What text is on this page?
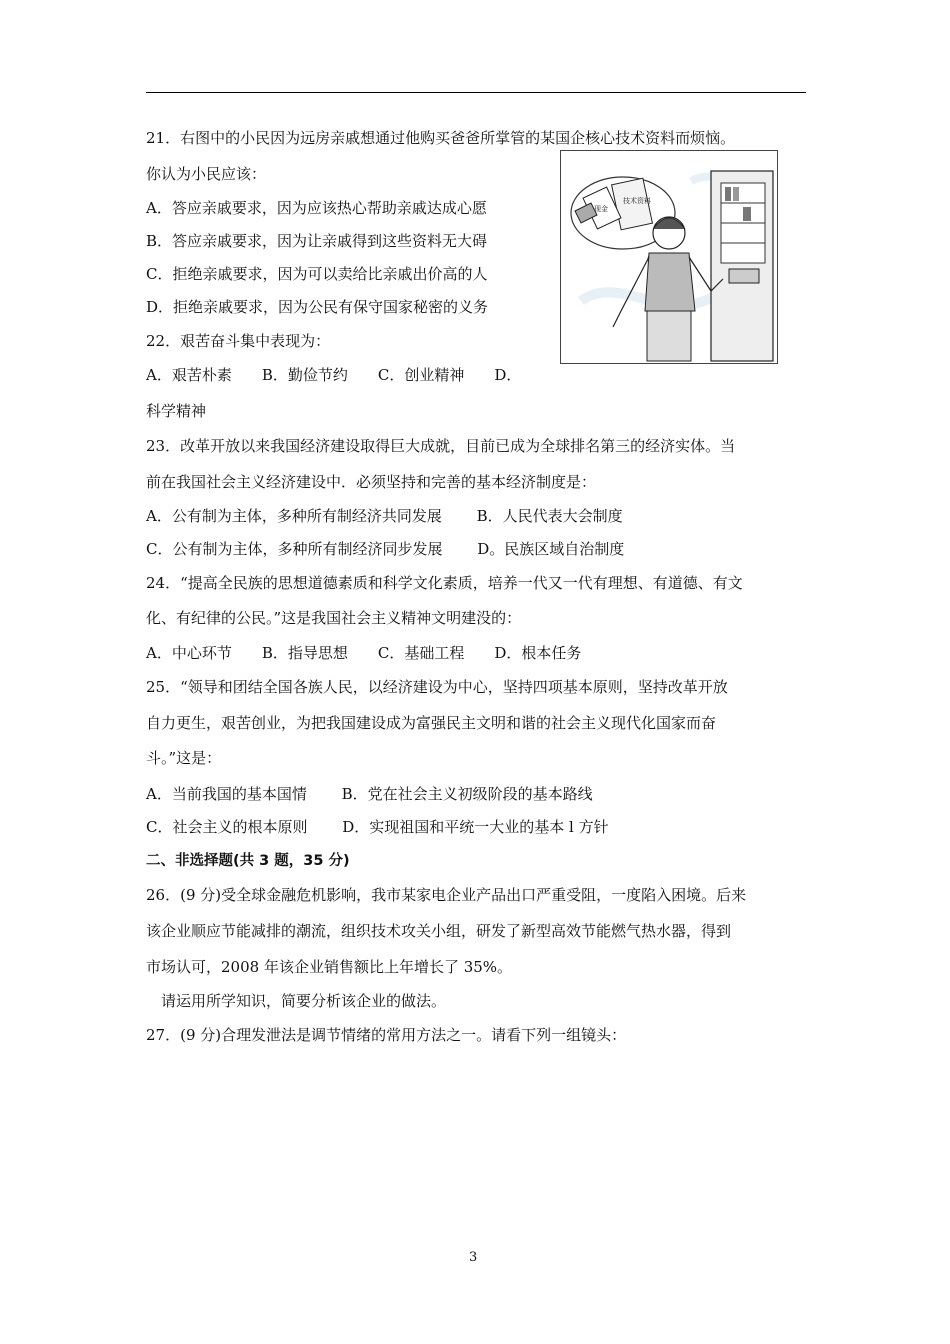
21．右图中的小民因为远房亲戚想通过他购买爸爸所掌管的某国企核心技术资料而烦恼。
你认为小民应该：
A．答应亲戚要求，因为应该热心帮助亲戚达成心愿
B．答应亲戚要求，因为让亲戚得到这些资料无大碍
C．拒绝亲戚要求，因为可以卖给比亲戚出价高的人
D．拒绝亲戚要求，因为公民有保守国家秘密的义务
技术资料
现金
22．艰苦奋斗集中表现为：
A．艰苦朴素　　B．勤俭节约　　C．创业精神　　D．
科学精神
23．改革开放以来我国经济建设取得巨大成就，目前已成为全球排名第三的经济实体。当
前在我国社会主义经济建设中．必须坚持和完善的基本经济制度是：
A．公有制为主体，多种所有制经济共同发展　　 B．人民代表大会制度
C．公有制为主体，多种所有制经济同步发展　　 D。民族区域自治制度
24．“提高全民族的思想道德素质和科学文化素质，培养一代又一代有理想、有道德、有文
化、有纪律的公民。”这是我国社会主义精神文明建没的：
A．中心环节　　B．指导思想　　C．基础工程　　D．根本任务
25．“领导和团结全国各族人民，以经济建设为中心，坚持四项基本原则，坚持改革开放
自力更生，艰苦创业，为把我国建设成为富强民主文明和谐的社会主义现代化国家而奋
斗。”这是：
A．当前我国的基本国情　　 B．党在社会主义初级阶段的基本路线
C．社会主义的根本原则　　 D．实现祖国和平统一大业的基本 l 方针
二、非选择题(共 3 题，35 分)
26．(9 分)受全球金融危机影响，我市某家电企业产品出口严重受阻，一度陷入困境。后来
该企业顺应节能减排的潮流，组织技术攻关小组，研发了新型高效节能燃气热水器，得到
市场认可，2008 年该企业销售额比上年增长了 35%。
　请运用所学知识，简要分析该企业的做法。
27．(9 分)合理发泄法是调节情绪的常用方法之一。请看下列一组镜头：
3
